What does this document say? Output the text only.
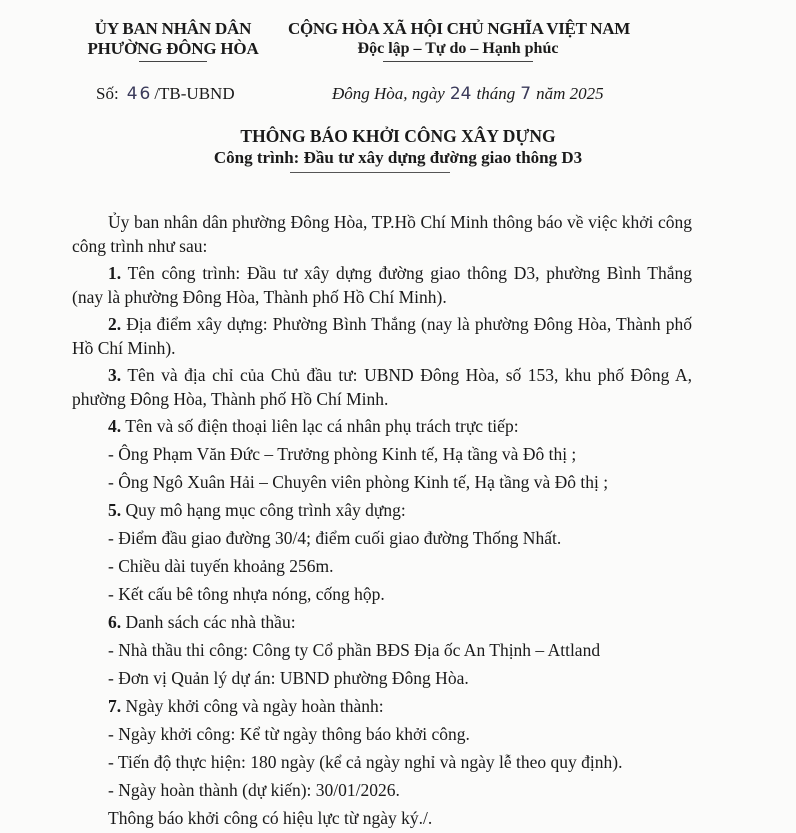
ỦY BAN NHÂN DÂN
PHƯỜNG ĐÔNG HÒA
CỘNG HÒA XÃ HỘI CHỦ NGHĨA VIỆT NAM
Độc lập – Tự do – Hạnh phúc
Số: 46 /TB-UBND	Đông Hòa, ngày 24 tháng 7 năm 2025
THÔNG BÁO KHỞI CÔNG XÂY DỰNG
Công trình: Đầu tư xây dựng đường giao thông D3

Ủy ban nhân dân phường Đông Hòa, TP.Hồ Chí Minh thông báo về việc khởi công công trình như sau:

1. Tên công trình: Đầu tư xây dựng đường giao thông D3, phường Bình Thắng (nay là phường Đông Hòa, Thành phố Hồ Chí Minh).

2. Địa điểm xây dựng: Phường Bình Thắng (nay là phường Đông Hòa, Thành phố Hồ Chí Minh).

3. Tên và địa chỉ của Chủ đầu tư: UBND Đông Hòa, số 153, khu phố Đông A, phường Đông Hòa, Thành phố Hồ Chí Minh.

4. Tên và số điện thoại liên lạc cá nhân phụ trách trực tiếp:
- Ông Phạm Văn Đức – Trưởng phòng Kinh tế, Hạ tầng và Đô thị ;
- Ông Ngô Xuân Hải – Chuyên viên phòng Kinh tế, Hạ tầng và Đô thị ;
5. Quy mô hạng mục công trình xây dựng:
- Điểm đầu giao đường 30/4; điểm cuối giao đường Thống Nhất.
- Chiều dài tuyến khoảng 256m.
- Kết cấu bê tông nhựa nóng, cống hộp.
6. Danh sách các nhà thầu:
- Nhà thầu thi công: Công ty Cổ phần BĐS Địa ốc An Thịnh – Attland
- Đơn vị Quản lý dự án: UBND phường Đông Hòa.
7. Ngày khởi công và ngày hoàn thành:
- Ngày khởi công: Kể từ ngày thông báo khởi công.
- Tiến độ thực hiện: 180 ngày (kể cả ngày nghỉ và ngày lễ theo quy định).
- Ngày hoàn thành (dự kiến): 30/01/2026.
Thông báo khởi công có hiệu lực từ ngày ký./.
